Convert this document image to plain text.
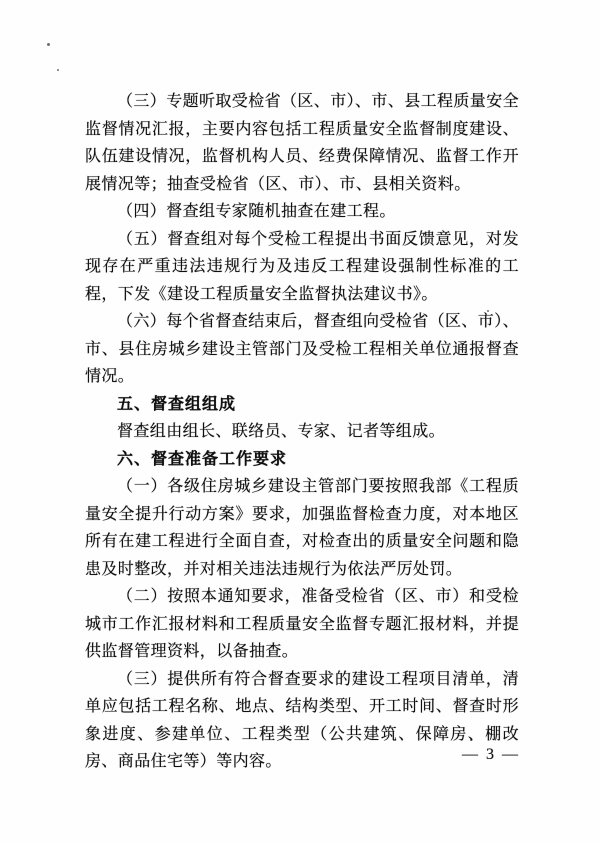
（三）专题听取受检省（区、市）、市、县工程质量安全监督情况汇报，主要内容包括工程质量安全监督制度建设、队伍建设情况，监督机构人员、经费保障情况、监督工作开展情况等；抽查受检省（区、市）、市、县相关资料。

（四）督查组专家随机抽查在建工程。

（五）督查组对每个受检工程提出书面反馈意见，对发现存在严重违法违规行为及违反工程建设强制性标准的工程，下发《建设工程质量安全监督执法建议书》。

（六）每个省督查结束后，督查组向受检省（区、市）、市、县住房城乡建设主管部门及受检工程相关单位通报督查情况。

五、督查组组成

督查组由组长、联络员、专家、记者等组成。

六、督查准备工作要求

（一）各级住房城乡建设主管部门要按照我部《工程质量安全提升行动方案》要求，加强监督检查力度，对本地区所有在建工程进行全面自查，对检查出的质量安全问题和隐患及时整改，并对相关违法违规行为依法严厉处罚。

（二）按照本通知要求，准备受检省（区、市）和受检城市工作汇报材料和工程质量安全监督专题汇报材料，并提供监督管理资料，以备抽查。

（三）提供所有符合督查要求的建设工程项目清单，清单应包括工程名称、地点、结构类型、开工时间、督查时形象进度、参建单位、工程类型（公共建筑、保障房、棚改房、商品住宅等）等内容。	— 3 —
